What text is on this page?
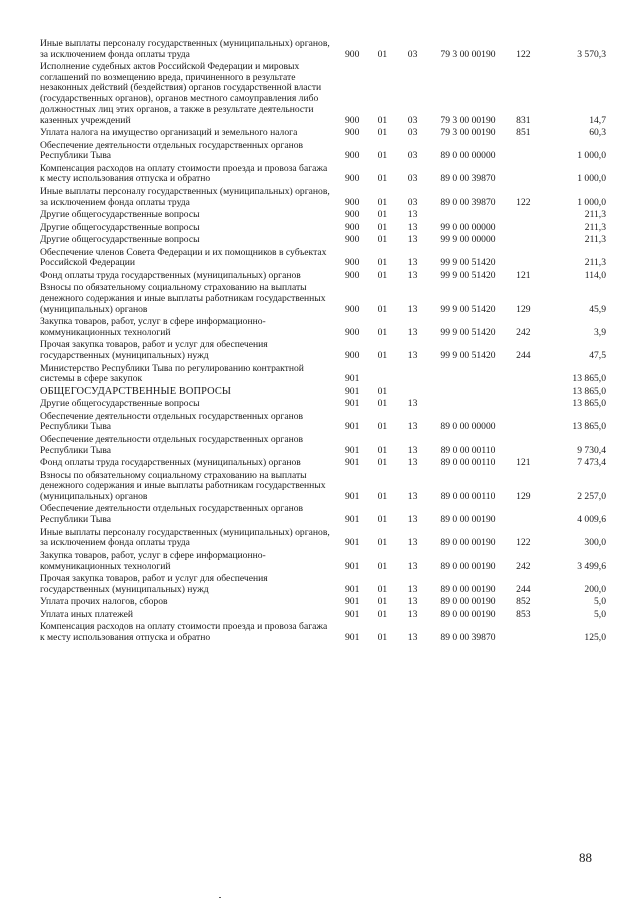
Иные выплаты персоналу государственных (муниципальных) органов, за исключением фонда оплаты труда	900	01	03	79 3 00 00190	122	3 570,3
Исполнение судебных актов Российской Федерации и мировых соглашений по возмещению вреда, причиненного в результате незаконных действий (бездействия) органов государственной власти (государственных органов), органов местного самоуправления либо должностных лиц этих органов, а также в результате деятельности казенных учреждений	900	01	03	79 3 00 00190	831	14,7
Уплата налога на имущество организаций и земельного налога	900	01	03	79 3 00 00190	851	60,3
Обеспечение деятельности отдельных государственных органов Республики Тыва	900	01	03	89 0 00 00000		1 000,0
Компенсация расходов на оплату стоимости проезда и провоза багажа к месту использования отпуска и обратно	900	01	03	89 0 00 39870		1 000,0
Иные выплаты персоналу государственных (муниципальных) органов, за исключением фонда оплаты труда	900	01	03	89 0 00 39870	122	1 000,0
Другие общегосударственные вопросы	900	01	13			211,3
Другие общегосударственные вопросы	900	01	13	99 0 00 00000		211,3
Другие общегосударственные вопросы	900	01	13	99 9 00 00000		211,3
Обеспечение членов Совета Федерации и их помощников в субъектах Российской Федерации	900	01	13	99 9 00 51420		211,3
Фонд оплаты труда государственных (муниципальных) органов	900	01	13	99 9 00 51420	121	114,0
Взносы по обязательному социальному страхованию на выплаты денежного содержания и иные выплаты работникам государственных (муниципальных) органов	900	01	13	99 9 00 51420	129	45,9
Закупка товаров, работ, услуг в сфере информационно-коммуникационных технологий	900	01	13	99 9 00 51420	242	3,9
Прочая закупка товаров, работ и услуг для обеспечения государственных (муниципальных) нужд	900	01	13	99 9 00 51420	244	47,5
Министерство Республики Тыва по регулированию контрактной системы в сфере закупок	901					13 865,0
ОБЩЕГОСУДАРСТВЕННЫЕ ВОПРОСЫ	901	01				13 865,0
Другие общегосударственные вопросы	901	01	13			13 865,0
Обеспечение деятельности отдельных государственных органов Республики Тыва	901	01	13	89 0 00 00000		13 865,0
Обеспечение деятельности отдельных государственных органов Республики Тыва	901	01	13	89 0 00 00110		9 730,4
Фонд оплаты труда государственных (муниципальных) органов	901	01	13	89 0 00 00110	121	7 473,4
Взносы по обязательному социальному страхованию на выплаты денежного содержания и иные выплаты работникам государственных (муниципальных) органов	901	01	13	89 0 00 00110	129	2 257,0
Обеспечение деятельности отдельных государственных органов Республики Тыва	901	01	13	89 0 00 00190		4 009,6
Иные выплаты персоналу государственных (муниципальных) органов, за исключением фонда оплаты труда	901	01	13	89 0 00 00190	122	300,0
Закупка товаров, работ, услуг в сфере информационно-коммуникационных технологий	901	01	13	89 0 00 00190	242	3 499,6
Прочая закупка товаров, работ и услуг для обеспечения государственных (муниципальных) нужд	901	01	13	89 0 00 00190	244	200,0
Уплата прочих налогов, сборов	901	01	13	89 0 00 00190	852	5,0
Уплата иных платежей	901	01	13	89 0 00 00190	853	5,0
Компенсация расходов на оплату стоимости проезда и провоза багажа к месту использования отпуска и обратно	901	01	13	89 0 00 39870		125,0
88
